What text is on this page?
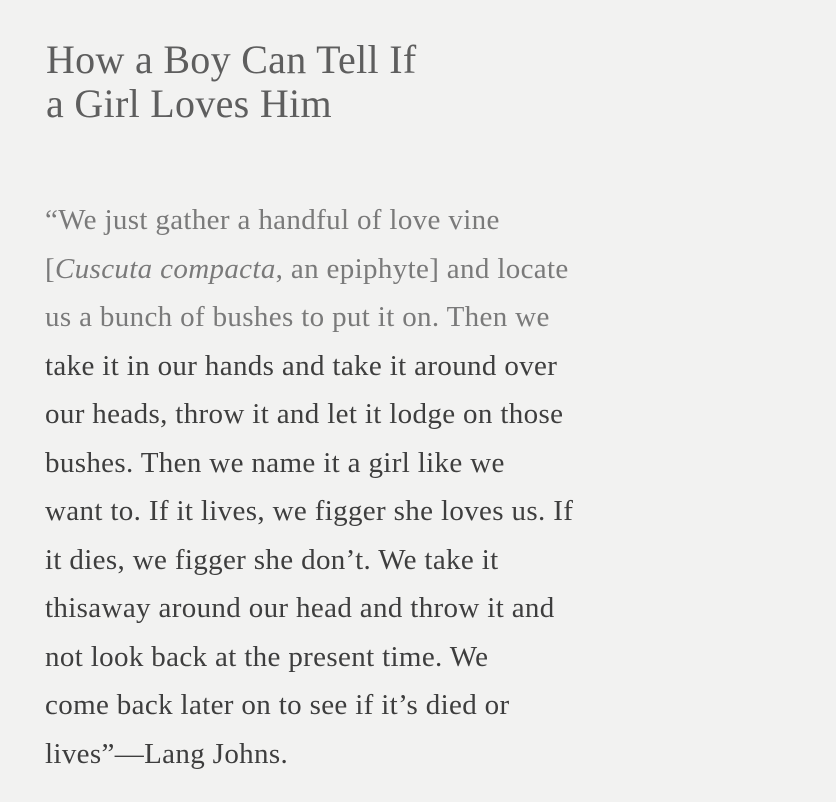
How a Boy Can Tell If
a Girl Loves Him

“We just gather a handful of love vine
[Cuscuta compacta, an epiphyte] and locate
us a bunch of bushes to put it on. Then we
take it in our hands and take it around over
our heads, throw it and let it lodge on those
bushes. Then we name it a girl like we
want to. If it lives, we figger she loves us. If
it dies, we figger she don’t. We take it
thisaway around our head and throw it and
not look back at the present time. We
come back later on to see if it’s died or
lives”—Lang Johns.
